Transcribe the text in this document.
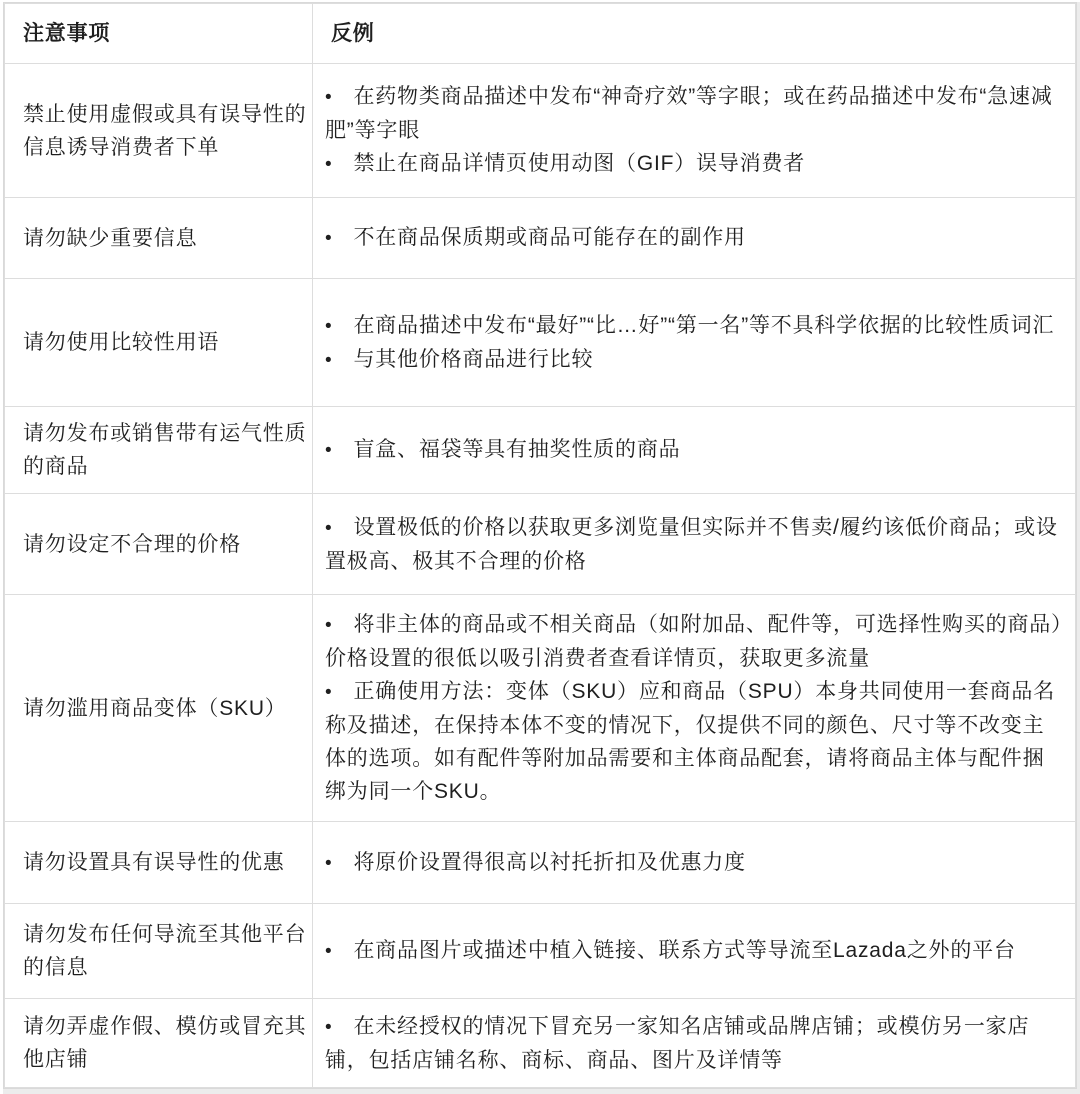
注意事项	反例
禁止使用虚假或具有误导性的信息诱导消费者下单	• 在药物类商品描述中发布“神奇疗效”等字眼；或在药品描述中发布“急速减肥”等字眼
• 禁止在商品详情页使用动图（GIF）误导消费者

请勿缺少重要信息	• 不在商品保质期或商品可能存在的副作用

请勿使用比较性用语	• 在商品描述中发布“最好”“比…好”“第一名”等不具科学依据的比较性质词汇
• 与其他价格商品进行比较

请勿发布或销售带有运气性质的商品	• 盲盒、福袋等具有抽奖性质的商品

请勿设定不合理的价格	• 设置极低的价格以获取更多浏览量但实际并不售卖/履约该低价商品；或设置极高、极其不合理的价格

请勿滥用商品变体（SKU）	• 将非主体的商品或不相关商品（如附加品、配件等，可选择性购买的商品）价格设置的很低以吸引消费者查看详情页，获取更多流量
• 正确使用方法：变体（SKU）应和商品（SPU）本身共同使用一套商品名称及描述，在保持本体不变的情况下，仅提供不同的颜色、尺寸等不改变主体的选项。如有配件等附加品需要和主体商品配套，请将商品主体与配件捆绑为同一个SKU。

请勿设置具有误导性的优惠	• 将原价设置得很高以衬托折扣及优惠力度

请勿发布任何导流至其他平台的信息	• 在商品图片或描述中植入链接、联系方式等导流至Lazada之外的平台

请勿弄虚作假、模仿或冒充其他店铺	• 在未经授权的情况下冒充另一家知名店铺或品牌店铺；或模仿另一家店铺，包括店铺名称、商标、商品、图片及详情等
